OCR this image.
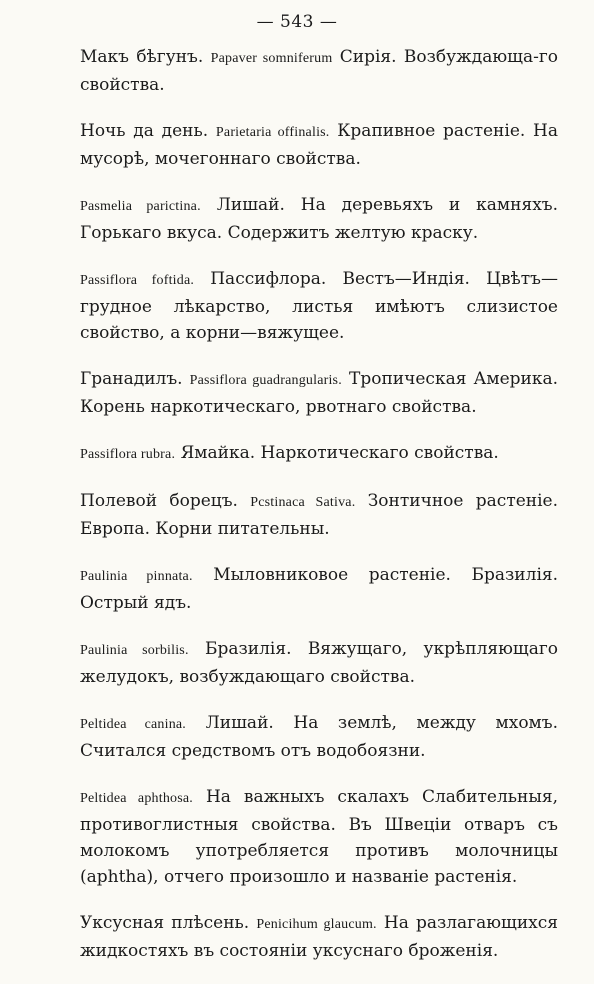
— 543 —

Макъ бѣгунъ. Papaver somniferum Сирія. Возбуждающа-го свойства.

Ночь да день. Parietaria offinalis. Крапивное растеніе. На мусорѣ, мочегоннаго свойства.

Pasmelia parictina. Лишай. На деревьяхъ и камняхъ. Горькаго вкуса. Содержитъ желтую краску.

Passiflora foftida. Пассифлора. Вестъ—Индія. Цвѣтъ—грудное лѣкарство, листья имѣютъ слизистое свойство, а корни—вяжущее.

Гранадилъ. Passiflora guadrangularis. Тропическая Америка. Корень наркотическаго, рвотнаго свойства.

Passiflora rubra. Ямайка. Наркотическаго свойства.

Полевой борецъ. Pcstinaca Sativa. Зонтичное растеніе. Европа. Корни питательны.

Paulinia pinnata. Мыловниковое растеніе. Бразилія. Острый ядъ.

Paulinia sorbilis. Бразилія. Вяжущаго, укрѣпляющаго желудокъ, возбуждающаго свойства.

Peltidea canina. Лишай. На землѣ, между мхомъ. Считался средствомъ отъ водобоязни.

Peltidea aphthosa. На важныхъ скалахъ Слабительныя, противоглистныя свойства. Въ Швеціи отваръ съ молокомъ употребляется противъ молочницы (aphtha), отчего произошло и названіе растенія.

Уксусная плѣсень. Penicihum glaucum. На разлагающихся жидкостяхъ въ состояніи уксуснаго броженія.
